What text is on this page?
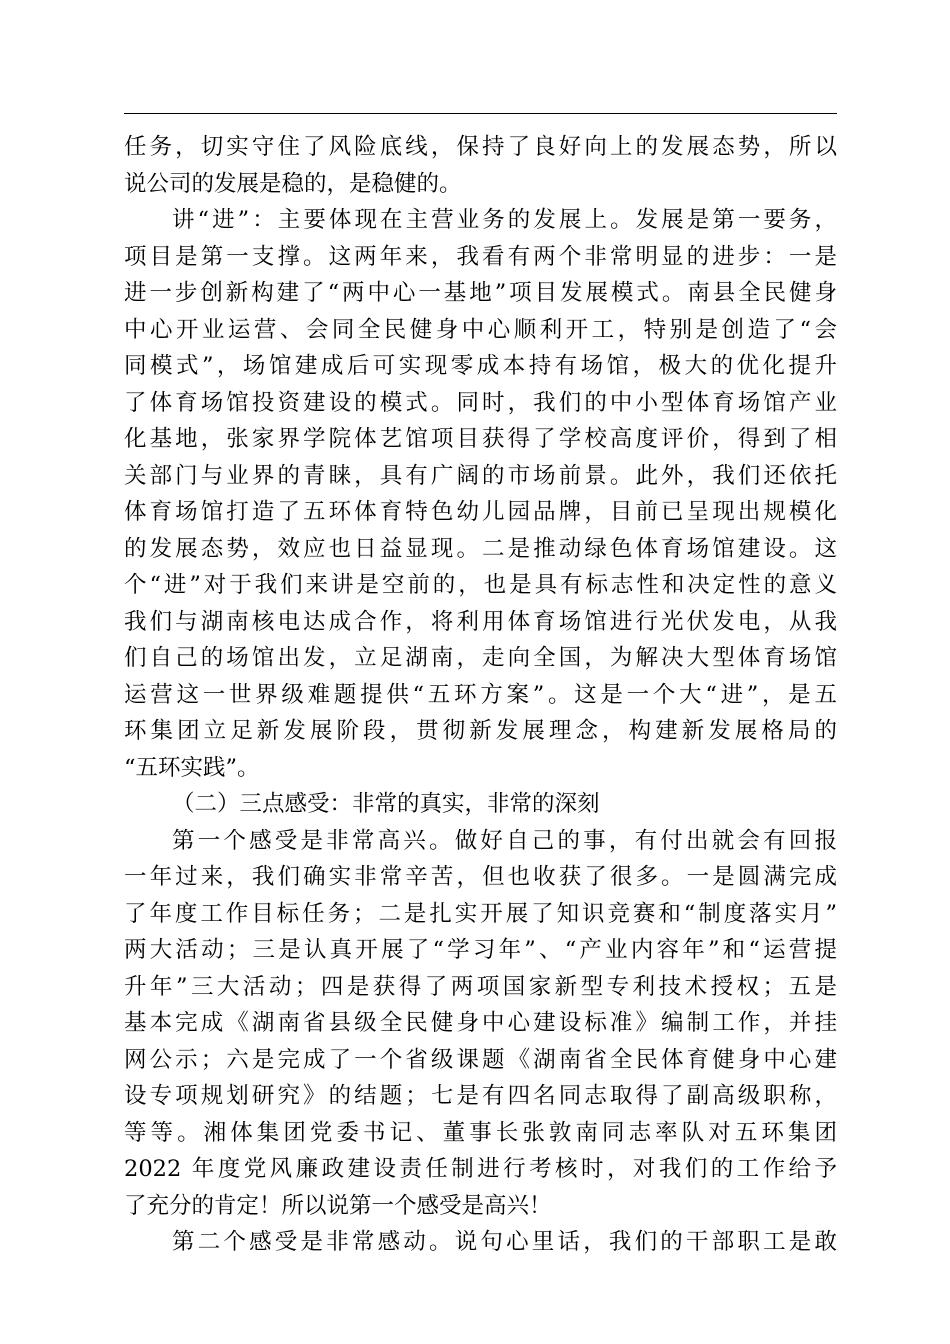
任务，切实守住了风险底线，保持了良好向上的发展态势，所以
说公司的发展是稳的，是稳健的。
讲“进”：主要体现在主营业务的发展上。发展是第一要务，
项目是第一支撑。这两年来，我看有两个非常明显的进步：一是
进一步创新构建了“两中心一基地”项目发展模式。南县全民健身
中心开业运营、会同全民健身中心顺利开工，特别是创造了“会
同模式”，场馆建成后可实现零成本持有场馆，极大的优化提升
了体育场馆投资建设的模式。同时，我们的中小型体育场馆产业
化基地，张家界学院体艺馆项目获得了学校高度评价，得到了相
关部门与业界的青睐，具有广阔的市场前景。此外，我们还依托
体育场馆打造了五环体育特色幼儿园品牌，目前已呈现出规模化
的发展态势，效应也日益显现。二是推动绿色体育场馆建设。这
个“进”对于我们来讲是空前的，也是具有标志性和决定性的意义
我们与湖南核电达成合作，将利用体育场馆进行光伏发电，从我
们自己的场馆出发，立足湖南，走向全国，为解决大型体育场馆
运营这一世界级难题提供“五环方案”。这是一个大“进”，是五
环集团立足新发展阶段，贯彻新发展理念，构建新发展格局的
“五环实践”。
（二）三点感受：非常的真实，非常的深刻
第一个感受是非常高兴。做好自己的事，有付出就会有回报
一年过来，我们确实非常辛苦，但也收获了很多。一是圆满完成
了年度工作目标任务；二是扎实开展了知识竞赛和“制度落实月”
两大活动；三是认真开展了“学习年”、“产业内容年”和“运营提
升年”三大活动；四是获得了两项国家新型专利技术授权；五是
基本完成《湖南省县级全民健身中心建设标准》编制工作，并挂
网公示；六是完成了一个省级课题《湖南省全民体育健身中心建
设专项规划研究》的结题；七是有四名同志取得了副高级职称，
等等。湘体集团党委书记、董事长张敦南同志率队对五环集团
2022 年度党风廉政建设责任制进行考核时，对我们的工作给予
了充分的肯定！所以说第一个感受是高兴！
第二个感受是非常感动。说句心里话，我们的干部职工是敢
